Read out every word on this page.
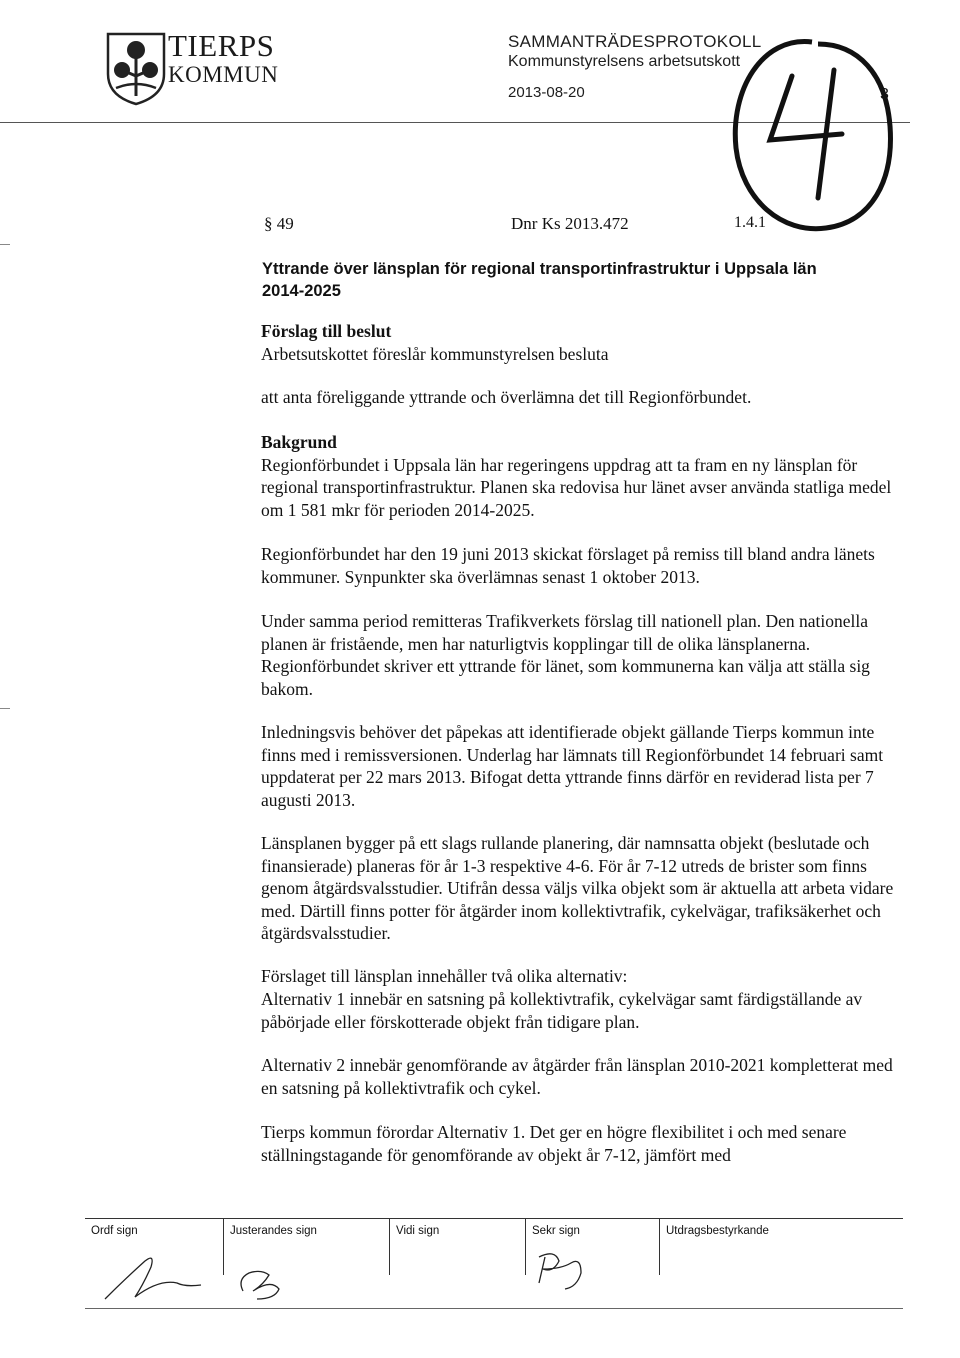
TIERPS
KOMMUN
SAMMANTRÄDESPROTOKOLL
Kommunstyrelsens arbetsutskott
2013-08-20	3
§ 49	Dnr Ks 2013.472	1.4.1
Yttrande över länsplan för regional transportinfrastruktur i Uppsala län
2014-2025

Förslag till beslut

Arbetsutskottet föreslår kommunstyrelsen besluta

att anta föreliggande yttrande och överlämna det till Regionförbundet.

Bakgrund

Regionförbundet i Uppsala län har regeringens uppdrag att ta fram en ny länsplan för regional transportinfrastruktur. Planen ska redovisa hur länet avser använda statliga medel om 1 581 mkr för perioden 2014-2025.

Regionförbundet har den 19 juni 2013 skickat förslaget på remiss till bland andra länets kommuner. Synpunkter ska överlämnas senast 1 oktober 2013.
Under samma period remitteras Trafikverkets förslag till nationell plan. Den nationella planen är fristående, men har naturligtvis kopplingar till de olika länsplanerna. Regionförbundet skriver ett yttrande för länet, som kommunerna kan välja att ställa sig bakom.
Inledningsvis behöver det påpekas att identifierade objekt gällande Tierps kommun inte finns med i remissversionen. Underlag har lämnats till Regionförbundet 14 februari samt uppdaterat per 22 mars 2013. Bifogat detta yttrande finns därför en reviderad lista per 7 augusti 2013.
Länsplanen bygger på ett slags rullande planering, där namnsatta objekt (beslutade och finansierade) planeras för år 1-3 respektive 4-6. För år 7-12 utreds de brister som finns genom åtgärdsvalsstudier. Utifrån dessa väljs vilka objekt som är aktuella att arbeta vidare med. Därtill finns potter för åtgärder inom kollektivtrafik, cykelvägar, trafiksäkerhet och åtgärdsvalsstudier.
Förslaget till länsplan innehåller två olika alternativ:
Alternativ 1 innebär en satsning på kollektivtrafik, cykelvägar samt färdigställande av påbörjade eller förskotterade objekt från tidigare plan.
Alternativ 2 innebär genomförande av åtgärder från länsplan 2010-2021 kompletterat med en satsning på kollektivtrafik och cykel.
Tierps kommun förordar Alternativ 1. Det ger en högre flexibilitet i och med senare ställningstagande för genomförande av objekt år 7-12, jämfört med
Ordf sign	Justerandes sign	Vidi sign	Sekr sign	Utdragsbestyrkande
